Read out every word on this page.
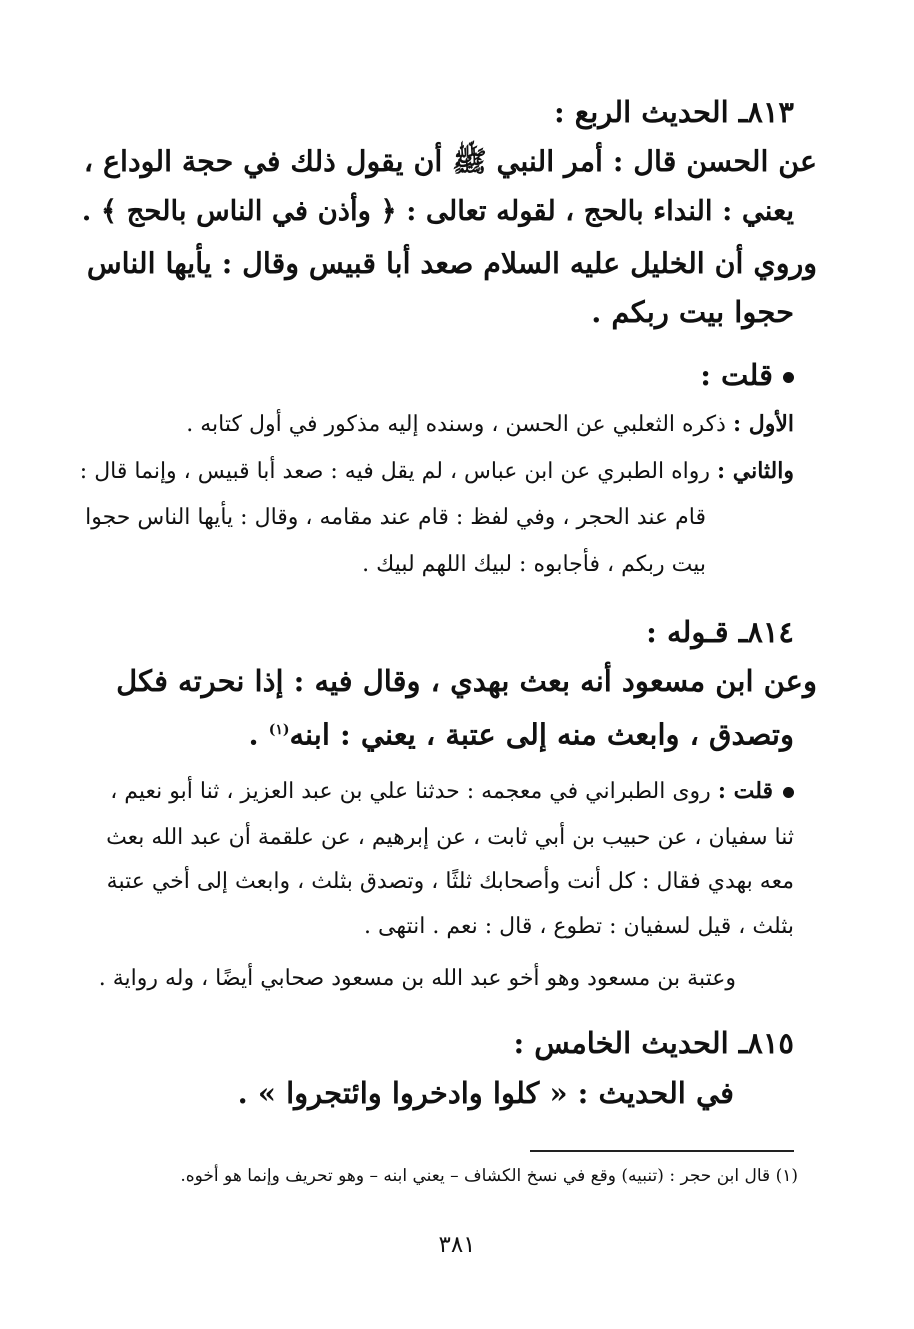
٨١٣ـ الحديث الربع :
عن الحسن قال : أمر النبي ﷺ أن يقول ذلك في حجة الوداع ،
يعني : النداء بالحج ، لقوله تعالى : ﴿ وأذن في الناس بالحج ﴾ .
وروي أن الخليل عليه السلام صعد أبا قبيس وقال : يأيها الناس
حجوا بيت ربكم .
قلت :
الأول : ذكره الثعلبي عن الحسن ، وسنده إليه مذكور في أول كتابه .
والثاني : رواه الطبري عن ابن عباس ، لم يقل فيه : صعد أبا قبيس ، وإنما قال :
قام عند الحجر ، وفي لفظ : قام عند مقامه ، وقال : يأيها الناس حجوا
بيت ربكم ، فأجابوه : لبيك اللهم لبيك .
٨١٤ـ قـوله :
وعن ابن مسعود أنه بعث بهدي ، وقال فيه : إذا نحرته فكل
وتصدق ، وابعث منه إلى عتبة ، يعني : ابنه$^{(١)}$ .
قلت : روى الطبراني في معجمه : حدثنا علي بن عبد العزيز ، ثنا أبو نعيم ،
ثنا سفيان ، عن حبيب بن أبي ثابت ، عن إبرهيم ، عن علقمة أن عبد الله بعث
معه بهدي فقال : كل أنت وأصحابك ثلثًا ، وتصدق بثلث ، وابعث إلى أخي عتبة
بثلث ، قيل لسفيان : تطوع ، قال : نعم . انتهى .
وعتبة بن مسعود وهو أخو عبد الله بن مسعود صحابي أيضًا ، وله رواية .
٨١٥ـ الحديث الخامس :
في الحديث : « كلوا وادخروا وائتجروا » .
(١) قال ابن حجر : (تنبيه) وقع في نسخ الكشاف – يعني ابنه – وهو تحريف وإنما هو أخوه.
٣٨١
